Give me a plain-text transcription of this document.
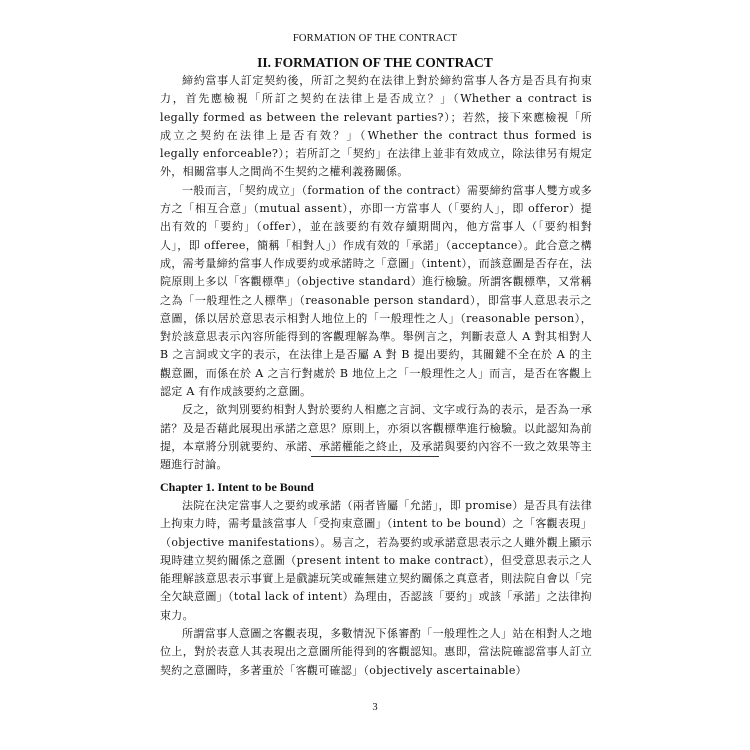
FORMATION OF THE CONTRACT
II. FORMATION OF THE CONTRACT

締約當事人訂定契約後，所訂之契約在法律上對於締約當事人各方是否具有拘束力，首先應檢視「所訂之契約在法律上是否成立？」（Whether a contract is legally formed as between the relevant parties?）；若然，接下來應檢視「所成立之契約在法律上是否有效？」（Whether the contract thus formed is legally enforceable?）；若所訂之「契約」在法律上並非有效成立，除法律另有規定外，相關當事人之間尚不生契約之權利義務關係。

一般而言，「契約成立」（formation of the contract）需要締約當事人雙方或多方之「相互合意」（mutual assent），亦即一方當事人（「要約人」，即 offeror）提出有效的「要約」（offer），並在該要約有效存續期間內，他方當事人（「要約相對人」，即 offeree，簡稱「相對人」）作成有效的「承諾」（acceptance）。此合意之構成，需考量締約當事人作成要約或承諾時之「意圖」（intent），而該意圖是否存在，法院原則上多以「客觀標準」（objective standard）進行檢驗。所謂客觀標準，又常稱之為「一般理性之人標準」（reasonable person standard），即當事人意思表示之意圖，係以居於意思表示相對人地位上的「一般理性之人」（reasonable person），對於該意思表示內容所能得到的客觀理解為準。舉例言之，判斷表意人 A 對其相對人 B 之言詞或文字的表示，在法律上是否屬 A 對 B 提出要約，其關鍵不全在於 A 的主觀意圖，而係在於 A 之言行對處於 B 地位上之「一般理性之人」而言，是否在客觀上認定 A 有作成該要約之意圖。

反之，欲判別要約相對人對於要約人相應之言詞、文字或行為的表示，是否為一承諾？及是否藉此展現出承諾之意思？原則上，亦須以客觀標準進行檢驗。以此認知為前提，本章將分別就要約、承諾、承諾權能之終止，及承諾與要約內容不一致之效果等主題進行討論。

Chapter 1. Intent to be Bound

法院在決定當事人之要約或承諾（兩者皆屬「允諾」，即 promise）是否具有法律上拘束力時，需考量該當事人「受拘束意圖」（intent to be bound）之「客觀表現」（objective manifestations）。易言之，若為要約或承諾意思表示之人雖外觀上顯示現時建立契約關係之意圖（present intent to make contract），但受意思表示之人能理解該意思表示事實上是戲謔玩笑或確無建立契約關係之真意者，則法院自會以「完全欠缺意圖」（total lack of intent）為理由，否認該「要約」或該「承諾」之法律拘束力。

所謂當事人意圖之客觀表現，多數情況下係審酌「一般理性之人」站在相對人之地位上，對於表意人其表現出之意圖所能得到的客觀認知。惠即，當法院確認當事人訂立契約之意圖時，多著重於「客觀可確認」（objectively ascertainable）

3
